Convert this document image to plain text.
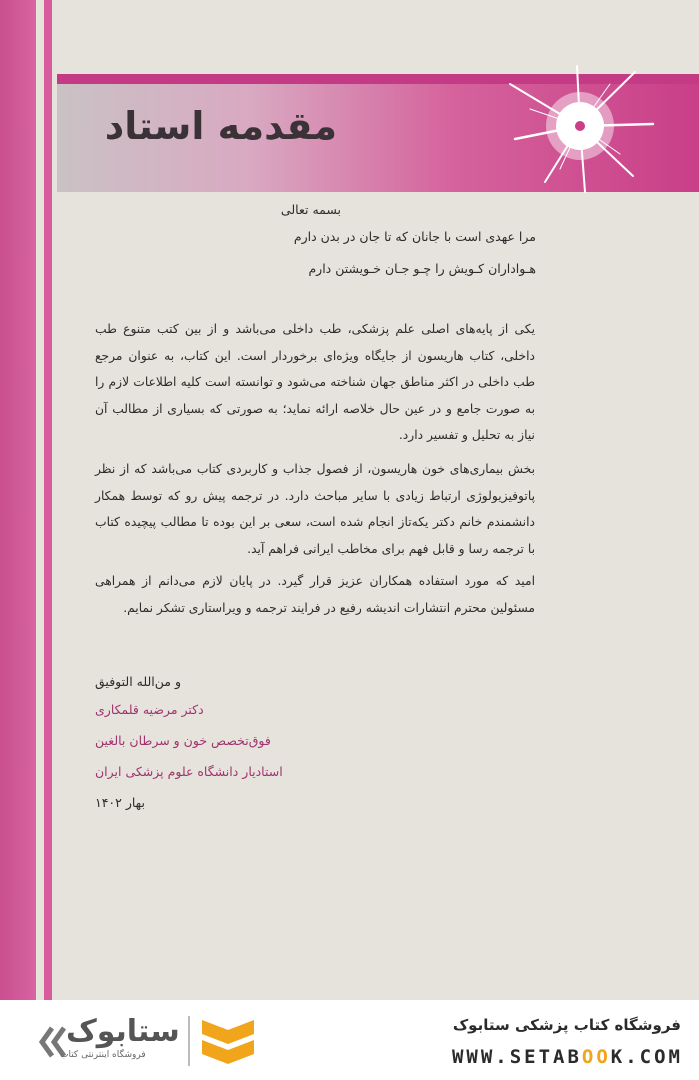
مقدمه استاد
بسمه تعالی
مرا عهدی است با جانان که تا جان در بدن دارم
هـواداران کـویش را چـو جـان خـویشتن دارم
یکی از پایه‌های اصلی علم پزشکی، طب داخلی می‌باشد و از بین کتب متنوع طب داخلی، کتاب هاریسون از جایگاه ویژه‌ای برخوردار است. این کتاب، به عنوان مرجع طب داخلی در اکثر مناطق جهان شناخته می‌شود و توانسته است کلیه اطلاعات لازم را به صورت جامع و در عین حال خلاصه ارائه نماید؛ به صورتی که بسیاری از مطالب آن نیاز به تحلیل و تفسیر دارد.
بخش بیماری‌های خون هاریسون، از فصول جذاب و کاربردی کتاب می‌باشد که از نظر پاتوفیزیولوژی ارتباط زیادی با سایر مباحث دارد. در ترجمه پیش رو که توسط همکار دانشمندم خانم دکتر یکه‌تاز انجام شده است، سعی بر این بوده تا مطالب پیچیده کتاب با ترجمه رسا و قابل فهم برای مخاطب ایرانی فراهم آید.
امید که مورد استفاده همکاران عزیز قرار گیرد. در پایان لازم می‌دانم از همراهی مسئولین محترم انتشارات اندیشه رفیع در فرایند ترجمه و ویراستاری تشکر نمایم.
و من‌الله التوفیق
دکتر مرضیه قلمکاری
فوق‌تخصص خون و سرطان بالغین
استادیار دانشگاه علوم پزشکی ایران
بهار ۱۴۰۲
ستابوک
فروشگاه اینترنتی کتاب
فروشگاه کتاب پزشکی ستابوک
WWW.SETABOOK.COM
